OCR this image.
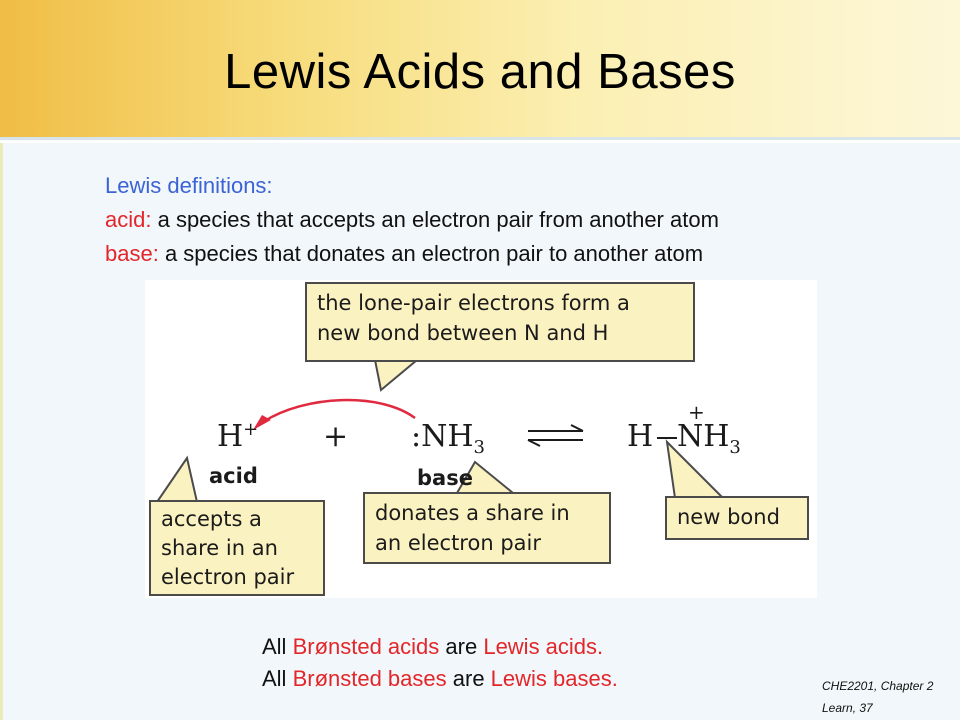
Lewis Acids and Bases
Lewis definitions:
acid: a species that accepts an electron pair from another atom
base: a species that donates an electron pair to another atom
the lone-pair electrons form a
new bond between N and H
$H^+ + :NH_3$	H $NH_3$
+
acid	base
accepts a
share in an
electron pair
donates a share in
an electron pair
new bond
All Brønsted acids are Lewis acids.
All Brønsted bases are Lewis bases.	CHE2201, Chapter 2
Learn, 37
